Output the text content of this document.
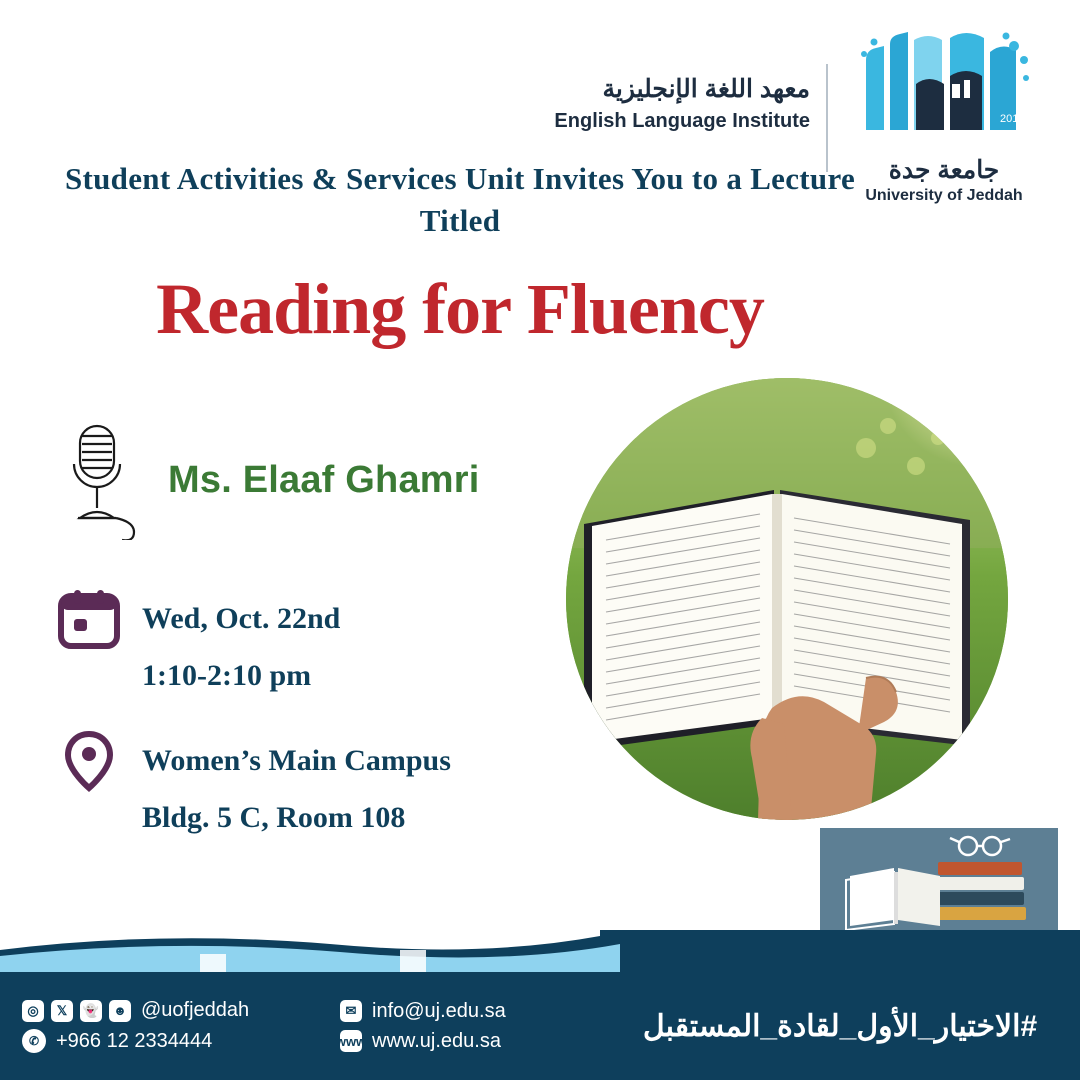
معهد اللغة الإنجليزية
English Language Institute	2014
جامعة جدة
University of Jeddah
Student Activities & Services Unit Invites You to a Lecture Titled
Reading for Fluency
Ms. Elaaf Ghamri
Wed, Oct. 22nd
1:10-2:10 pm
Women’s Main Campus
Bldg. 5 C, Room 108
◎	𝕏	👻	☻ @uofjeddah
✆ +966 12 2334444
✉ info@uj.edu.sa
www www.uj.edu.sa	#الاختيار_الأول_لقادة_المستقبل
